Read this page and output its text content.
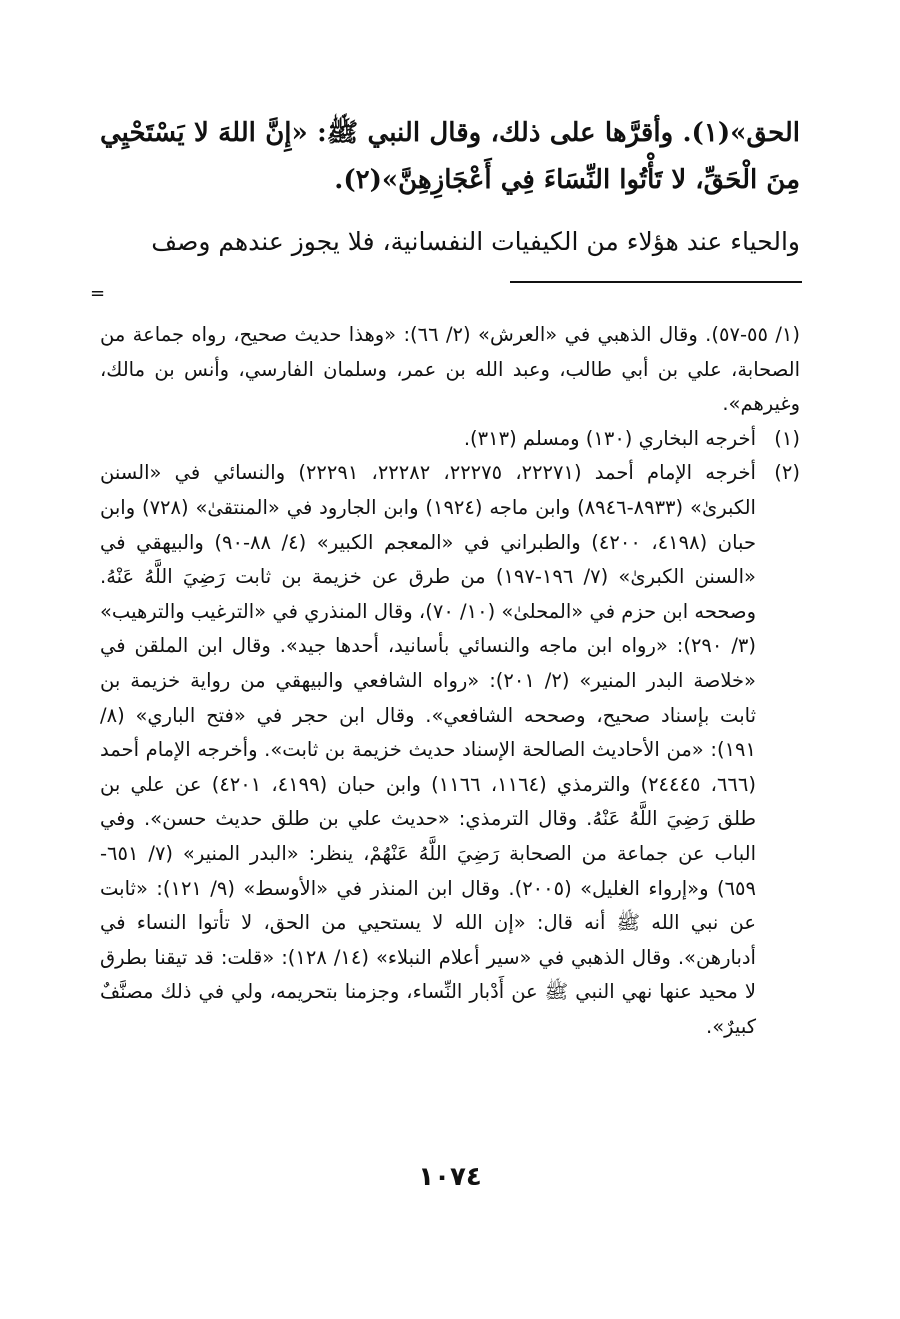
الحق»(١). وأقرَّها على ذلك، وقال النبي ﷺ: «إِنَّ اللهَ لا يَسْتَحْيِي مِنَ الْحَقِّ، لا تَأْتُوا النِّسَاءَ فِي أَعْجَازِهِنَّ»(٢).

والحياء عند هؤلاء من الكيفيات النفسانية، فلا يجوز عندهم وصف

=
(١/ ٥٥-٥٧). وقال الذهبي في «العرش» (٢/ ٦٦): «وهذا حديث صحيح، رواه جماعة من الصحابة، علي بن أبي طالب، وعبد الله بن عمر، وسلمان الفارسي، وأنس بن مالك، وغيرهم».
(١)
أخرجه البخاري (١٣٠) ومسلم (٣١٣).
(٢)
أخرجه الإمام أحمد (٢٢٢٧١، ٢٢٢٧٥، ٢٢٢٨٢، ٢٢٢٩١) والنسائي في «السنن الكبرىٰ» (٨٩٣٣-٨٩٤٦) وابن ماجه (١٩٢٤) وابن الجارود في «المنتقىٰ» (٧٢٨) وابن حبان (٤١٩٨، ٤٢٠٠) والطبراني في «المعجم الكبير» (٤/ ٨٨-٩٠) والبيهقي في «السنن الكبرىٰ» (٧/ ١٩٦-١٩٧) من طرق عن خزيمة بن ثابت رَضِيَ اللَّهُ عَنْهُ. وصححه ابن حزم في «المحلىٰ» (١٠/ ٧٠)، وقال المنذري في «الترغيب والترهيب» (٣/ ٢٩٠): «رواه ابن ماجه والنسائي بأسانيد، أحدها جيد». وقال ابن الملقن في «خلاصة البدر المنير» (٢/ ٢٠١): «رواه الشافعي والبيهقي من رواية خزيمة بن ثابت بإسناد صحيح، وصححه الشافعي». وقال ابن حجر في «فتح الباري» (٨/ ١٩١): «من الأحاديث الصالحة الإسناد حديث خزيمة بن ثابت». وأخرجه الإمام أحمد (٦٦٦، ٢٤٤٤٥) والترمذي (١١٦٤، ١١٦٦) وابن حبان (٤١٩٩، ٤٢٠١) عن علي بن طلق رَضِيَ اللَّهُ عَنْهُ. وقال الترمذي: «حديث علي بن طلق حديث حسن». وفي الباب عن جماعة من الصحابة رَضِيَ اللَّهُ عَنْهُمْ، ينظر: «البدر المنير» (٧/ ٦٥١- ٦٥٩) و«إرواء الغليل» (٢٠٠٥). وقال ابن المنذر في «الأوسط» (٩/ ١٢١): «ثابت عن نبي الله ﷺ أنه قال: «إن الله لا يستحيي من الحق، لا تأتوا النساء في أدبارهن». وقال الذهبي في «سير أعلام النبلاء» (١٤/ ١٢٨): «قلت: قد تيقنا بطرق لا محيد عنها نهي النبي ﷺ عن أَدْبار النِّساء، وجزمنا بتحريمه، ولي في ذلك مصنَّفٌ كبيرٌ».
١٠٧٤
